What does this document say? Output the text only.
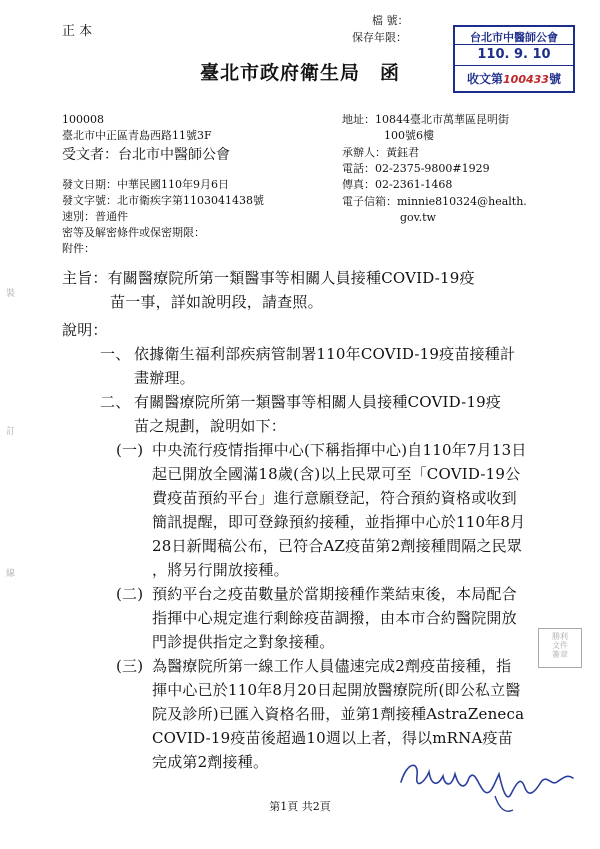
裝
訂
線
正 本
檔 號：
保存年限：	台北市中醫師公會
110. 9. 10
收文第100433號
臺北市政府衛生局　函
100008
臺北市中正區青島西路11號3F
受文者：台北市中醫師公會
地址：10844臺北市萬華區昆明街
100號6樓
承辦人：黃鈺君
電話：02-2375-9800#1929
傳真：02-2361-1468
電子信箱：minnie810324@health.
gov.tw
發文日期：中華民國110年9月6日
發文字號：北市衛疾字第1103041438號
速別：普通件
密等及解密條件或保密期限：
附件：
主旨：有關醫療院所第一類醫事等相關人員接種COVID-19疫
苗一事，詳如說明段，請查照。
說明：
一、 依據衛生福利部疾病管制署110年COVID-19疫苗接種計
畫辦理。
二、 有關醫療院所第一類醫事等相關人員接種COVID-19疫
苗之規劃，說明如下：
(一) 中央流行疫情指揮中心(下稱指揮中心)自110年7月13日
起已開放全國滿18歲(含)以上民眾可至「COVID-19公
費疫苗預約平台」進行意願登記，符合預約資格或收到
簡訊提醒，即可登錄預約接種，並指揮中心於110年8月
28日新聞稿公布，已符合AZ疫苗第2劑接種間隔之民眾
，將另行開放接種。
(二) 預約平台之疫苗數量於當期接種作業結束後，本局配合
指揮中心規定進行剩餘疫苗調撥，由本市合約醫院開放
門診提供指定之對象接種。
(三) 為醫療院所第一線工作人員儘速完成2劑疫苗接種，指
揮中心已於110年8月20日起開放醫療院所(即公私立醫
院及診所)已匯入資格名冊，並第1劑接種AstraZeneca
COVID-19疫苗後超過10週以上者，得以mRNA疫苗
完成第2劑接種。
勝利
文件
簽章
第1頁 共2頁
